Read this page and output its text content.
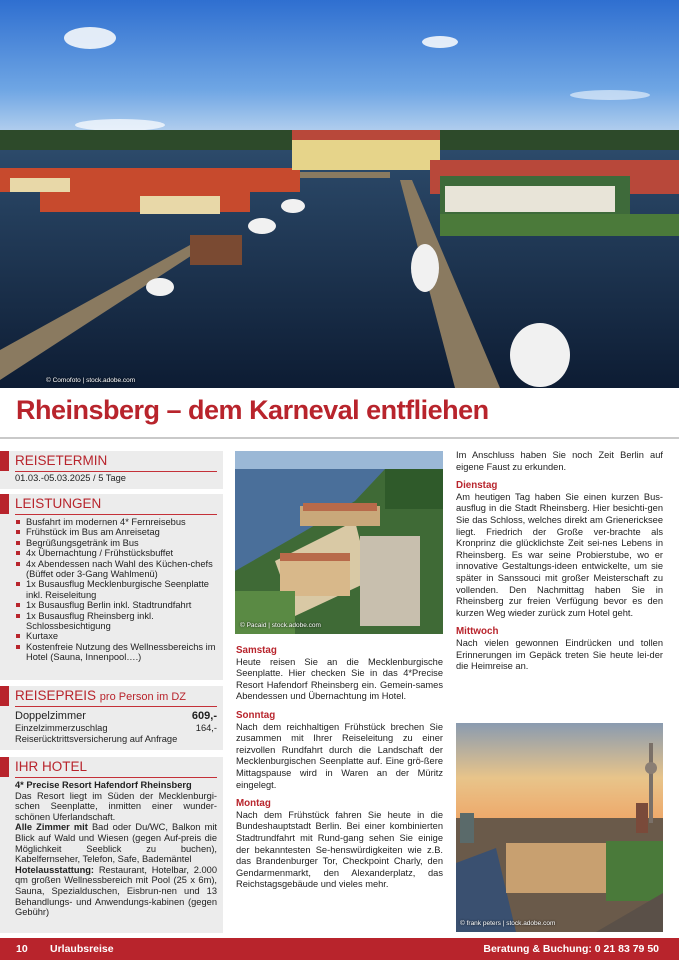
© Comofoto | stock.adobe.com
Rheinsberg – dem Karneval entfliehen
REISETERMIN
01.03.-05.03.2025 / 5 Tage
LEISTUNGEN
Busfahrt im modernen 4* Fernreisebus
Frühstück im Bus am Anreisetag
Begrüßungsgetränk im Bus
4x Übernachtung / Frühstücksbuffet
4x Abendessen nach Wahl des Küchen-chefs (Büffet oder 3-Gang Wahlmenü)
1x Busausflug Mecklenburgische Seenplatte inkl. Reiseleitung
1x Busausflug Berlin inkl. Stadtrundfahrt
1x Busausflug Rheinsberg inkl. Schlossbesichtigung
Kurtaxe
Kostenfreie Nutzung des Wellnessbereichs im Hotel (Sauna, Innenpool….)
REISEPREIS pro Person im DZ
Doppelzimmer	609,-
Einzelzimmerzuschlag	164,-
Reiserücktrittsversicherung auf Anfrage
IHR HOTEL
4* Precise Resort Hafendorf Rheinsberg
Das Resort liegt im Süden der Mecklenburgi-schen Seenplatte, inmitten einer wunder-schönen Uferlandschaft.
Alle Zimmer mit Bad oder Du/WC, Balkon mit Blick auf Wald und Wiesen (gegen Auf-preis die Möglichkeit Seeblick zu buchen), Kabelfernseher, Telefon, Safe, Bademäntel
Hotelausstattung: Restaurant, Hotelbar, 2.000 qm großen Wellnessbereich mit Pool (25 x 6m), Sauna, Spezialduschen, Eisbrun-nen und 13 Behandlungs- und Anwendungs-kabinen (gegen Gebühr)
© Pacaid | stock.adobe.com
Samstag
Heute reisen Sie an die Mecklenburgische Seenplatte. Hier checken Sie in das 4*Precise Resort Hafendorf Rheinsberg ein. Gemein-sames Abendessen und Übernachtung im Hotel.
Sonntag
Nach dem reichhaltigen Frühstück brechen Sie zusammen mit Ihrer Reiseleitung zu einer reizvollen Rundfahrt durch die Landschaft der Mecklenburgischen Seenplatte auf. Eine grö-ßere Mittagspause wird in Waren an der Müritz eingelegt.
Montag
Nach dem Frühstück fahren Sie heute in die Bundeshauptstadt Berlin. Bei einer kombinierten Stadtrundfahrt mit Rund-gang sehen Sie einige der bekanntesten Se-henswürdigkeiten wie z.B. das Brandenburger Tor, Checkpoint Charly, den Gendarmenmarkt, den Alexanderplatz, das Reichstagsgebäude und vieles mehr.
Im Anschluss haben Sie noch Zeit Berlin auf eigene Faust zu erkunden.
Dienstag
Am heutigen Tag haben Sie einen kurzen Bus-ausflug in die Stadt Rheinsberg. Hier besichti-gen Sie das Schloss, welches direkt am Grienericksee liegt. Friedrich der Große ver-brachte als Kronprinz die glücklichste Zeit sei-nes Lebens in Rheinsberg. Es war seine Probierstube, wo er innovative Gestaltungs-ideen entwickelte, um sie später in Sanssouci mit großer Meisterschaft zu vollenden. Den Nachmittag haben Sie in Rheinsberg zur freien Verfügung bevor es den kurzen Weg wieder zurück zum Hotel geht.
Mittwoch
Nach vielen gewonnen Eindrücken und tollen Erinnerungen im Gepäck treten Sie heute lei-der die Heimreise an.
© frank peters | stock.adobe.com
10 Urlaubsreise	Beratung & Buchung: 0 21 83 79 50
